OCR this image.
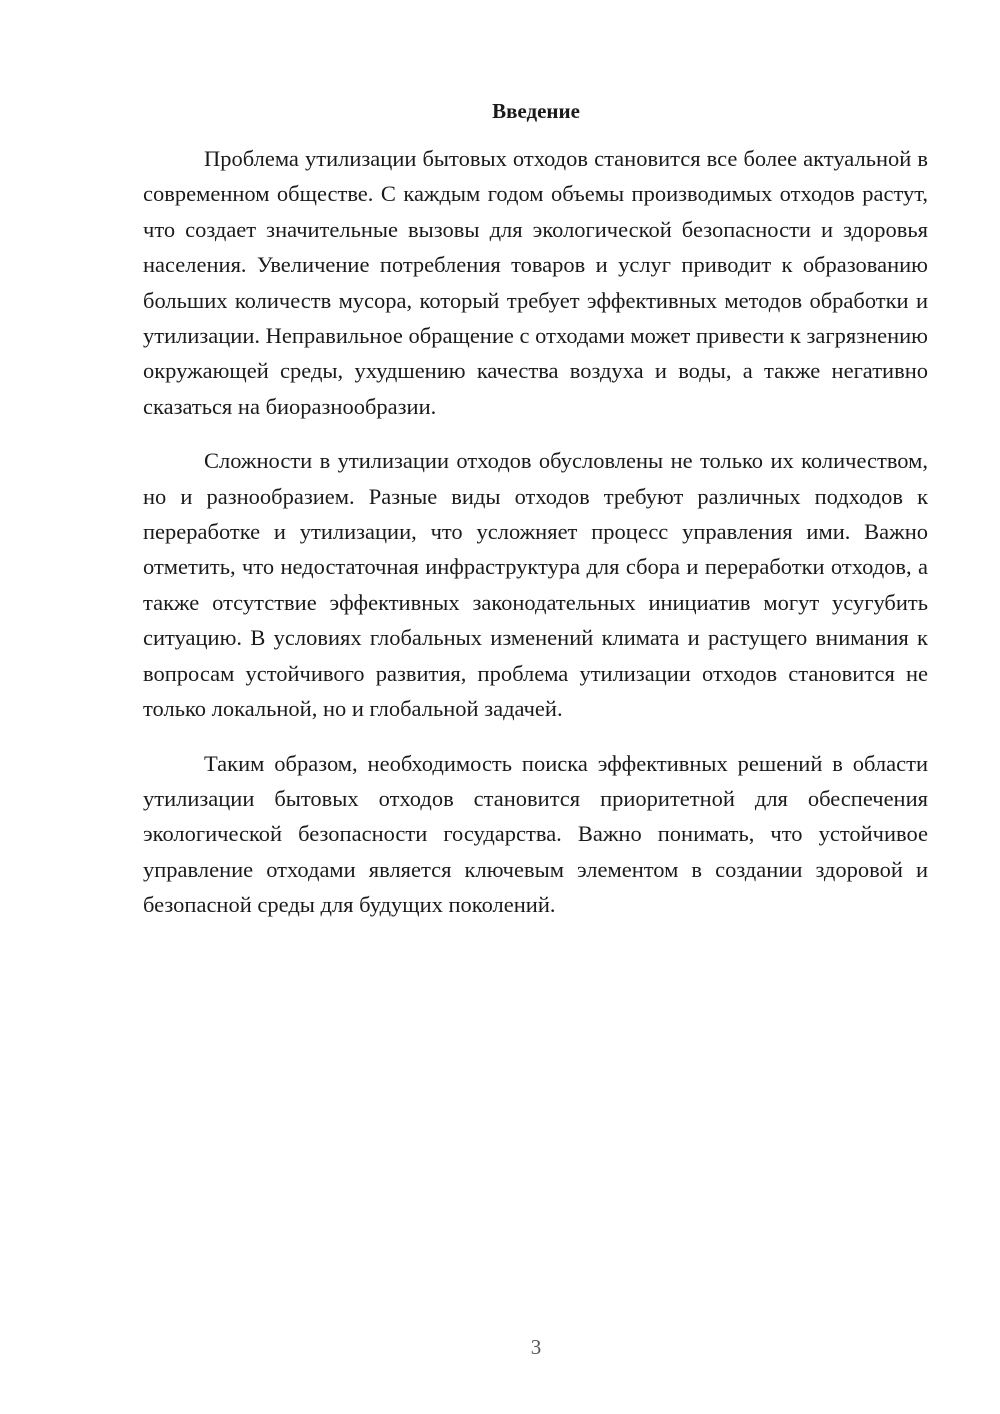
Введение

Проблема утилизации бытовых отходов становится все более актуальной в современном обществе. С каждым годом объемы производимых отходов растут, что создает значительные вызовы для экологической безопасности и здоровья населения. Увеличение потребления товаров и услуг приводит к образованию больших количеств мусора, который требует эффективных методов обработки и утилизации. Неправильное обращение с отходами может привести к загрязнению окружающей среды, ухудшению качества воздуха и воды, а также негативно сказаться на биоразнообразии.

Сложности в утилизации отходов обусловлены не только их количеством, но и разнообразием. Разные виды отходов требуют различных подходов к переработке и утилизации, что усложняет процесс управления ими. Важно отметить, что недостаточная инфраструктура для сбора и переработки отходов, а также отсутствие эффективных законодательных инициатив могут усугубить ситуацию. В условиях глобальных изменений климата и растущего внимания к вопросам устойчивого развития, проблема утилизации отходов становится не только локальной, но и глобальной задачей.

Таким образом, необходимость поиска эффективных решений в области утилизации бытовых отходов становится приоритетной для обеспечения экологической безопасности государства. Важно понимать, что устойчивое управление отходами является ключевым элементом в создании здоровой и безопасной среды для будущих поколений.

3
